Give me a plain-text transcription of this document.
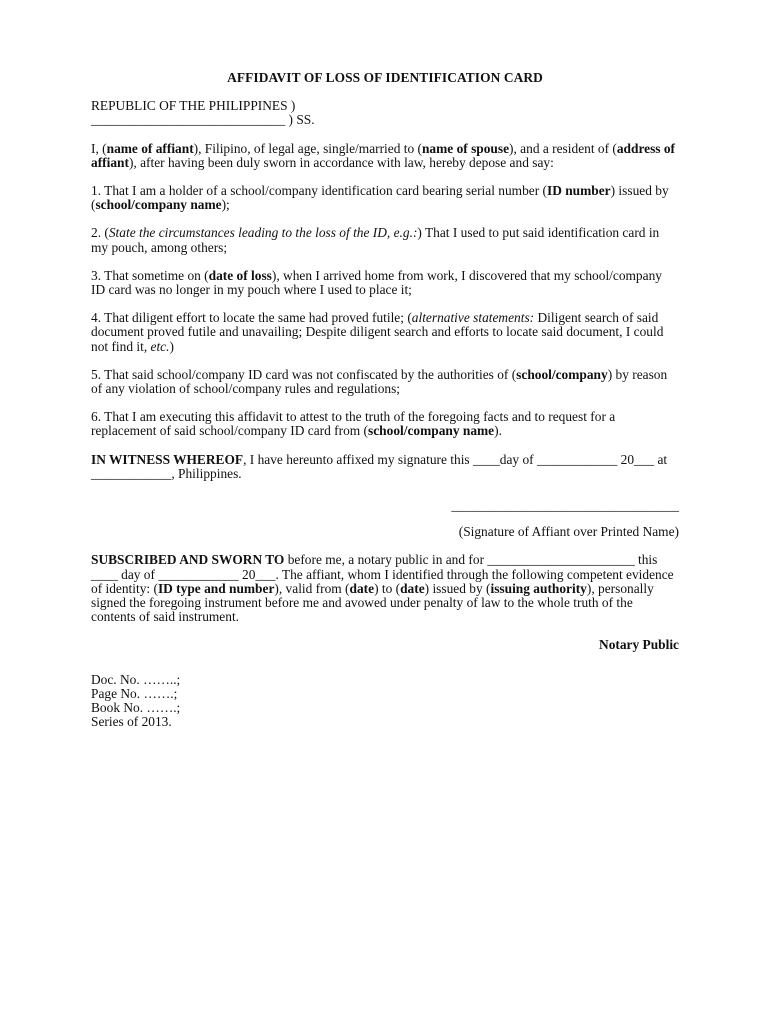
AFFIDAVIT OF LOSS OF IDENTIFICATION CARD

REPUBLIC OF THE PHILIPPINES )

_____________________________ ) SS.

I, (name of affiant), Filipino, of legal age, single/married to (name of spouse), and a resident of (address of affiant), after having been duly sworn in accordance with law, hereby depose and say:

1. That I am a holder of a school/company identification card bearing serial number (ID number) issued by (school/company name);

2. (State the circumstances leading to the loss of the ID, e.g.:) That I used to put said identification card in my pouch, among others;

3. That sometime on (date of loss), when I arrived home from work, I discovered that my school/company ID card was no longer in my pouch where I used to place it;

4. That diligent effort to locate the same had proved futile; (alternative statements: Diligent search of said document proved futile and unavailing; Despite diligent search and efforts to locate said document, I could not find it, etc.)

5. That said school/company ID card was not confiscated by the authorities of (school/company) by reason of any violation of school/company rules and regulations;

6. That I am executing this affidavit to attest to the truth of the foregoing facts and to request for a replacement of said school/company ID card from (school/company name).

IN WITNESS WHEREOF, I have hereunto affixed my signature this ____day of ____________ 20___ at ____________, Philippines.

__________________________________

(Signature of Affiant over Printed Name)

SUBSCRIBED AND SWORN TO before me, a notary public in and for ______________________ this ____ day of ____________ 20___. The affiant, whom I identified through the following competent evidence of identity: (ID type and number), valid from (date) to (date) issued by (issuing authority), personally signed the foregoing instrument before me and avowed under penalty of law to the whole truth of the contents of said instrument.

Notary Public

Doc. No. ……..;

Page No. …….;

Book No. …….;

Series of 2013.
